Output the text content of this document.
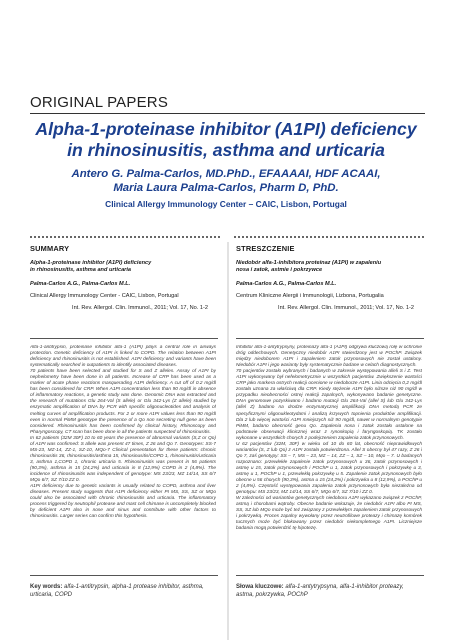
ORIGINAL PAPERS
Alpha-1-proteinase inhibitor (A1PI) deficiency
in rhinosinusitis, asthma and urticaria
Antero G. Palma-Carlos, MD.PhD., EFAAAAI, HDF ACAAI,
Maria Laura Palma-Carlos, Pharm D, PhD.
Clinical Allergy Immunology Center – CAIC, Lisbon, Portugal
SUMMARY
Alpha-1-proteinase inhibitor (A1PI) deficiency
in rhinosinusitis, asthma and urticaria
Palma-Carlos A.G., Palma-Carlos M.L.
Clinical Allergy Immunology Center - CAIC, Lisbon, Portugal
Int. Rev. Allergol. Clin. Immunol., 2011; Vol. 17, No. 1-2
STRESZCZENIE
Niedobór alfa-1-inhibitora proteinaz (A1PI) w zapaleniu
nosa i zatok, astmie i pokrzywce
Palma-Carlos A.G., Palma-Carlos M.L.
Centrum Kliniczne Alergii i Immunologii, Lizbona, Portugalia
Int. Rev. Allergol. Clin. Immunol., 2011; Vol. 17, No. 1-2

Alfa-1-antitrypsin, proteinase inhibitor alfa-1 (A1PI) plays a central role in airways protection. Genetic deficiency of A1PI is linked to COPD. The relation between A1PI deficiency and rhinosinusitis is not established. A1PI deficiency and variants have been systematically searched in outpatients to identify associated diseases.

70 patients have been selected and studied for S and Z alleles. Assay of A1PI by nephelometry have been done in all patients. Increase of CRP has been used as a marker of acute phase reactions masquerading A1PI deficiency. A cut off of 0.2 mg/dl has been considered for CRP. When A1PI concentration less than 90 mg/dl in absence of inflammatory reactions, a genetic study was done. Genomic DNA was extracted and the research of mutations Glu 264-Val (S allele) or Glu 342-Lys (Z allele) studied by enzymatic amplification of DNA by PCR with specific oligonucleotides and analysis of melting curves of amplification products. For 2 or more A1PI values less than 90 mg/dl even in normal PiMM genotype the presence of a Qo non secreting null gene as been considered. Rhinosinusitis has been confirmed by clinical history, Rhinoscopy and Pharyngoscopy, CT scan has been done in all the patients suspected of rhinosinusitis.

In 62 patients (32M 30F) 10 to 60 years the presence of abnormal variants (S,Z or Qo) of A1PI was confirmed: S allele was present 47 times, Z 26 and Qo 7. Genotypes: SS-7 MS-23, MZ-14, ZZ-1, SZ-10, MQo-7 Clinical presentation for these patients: chronic rhinosinusitis 36, rhinosinusitis/asthma 15, rhinosinusitis/COPD 1, rhinosinusitis/urticaria 3, asthma 1,COPD 1, chronic urticaria 5. Rhinosinusitis was present in 56 patients (90,3%), asthma in 15 (24,2%) and urticaria in 8 (12,9%) COPD in 2 (4,8%). The incidence of rhinosinusitis was independent of genotype: MS 23/23, MZ 14/14, SS 6/7 MQo 6/7, SZ 7/10 ZZ 0.

A1PI deficiency due to genetic variants is usually related to COPD, asthma and liver diseases. Present study suggests that A1PI deficiency either PI MS, SS, SZ or MQo could also be associated with chronic rhinosinusitis and urticaria. The inflammatory process triggered by neutrophil protease and mast cell chimase is uncompletely blocked by deficient A1PI also in nose and sinus and contribute with other factors to rhinosinusitis. Larger series can confirm this hypothesis.

Inhibitor alfa-1-antytrypsyny, proteinazy alfa-1 (A1PI) odgrywa kluczową rolę w ochronie dróg oddechowych. Genetyczny niedobór A1PI stwierdzony jest w POChP. Związek między niedoborem A1PI i zapaleniem zatok przynosowych nie został ustalony. Niedobór A1PI i jego warianty były systematycznie badane w celach diagnostycznych.

70 pacjentów zostało wybranych i badanych w zakresie występowania alleli S i Z. Test A1PI wykonywany był nefelometrycznie u wszystkich pacjentów. Zwiększenie wartości CRP jako markera ostrych reakcji ocenione w niedoborze A1PI. Linia odcięcia 0,2 mg/dl została uznana za właściwą dla CRP. Kiedy stężenie A1PI było niższe niż 90 mg/dl w przypadku nieobecności ostrej reakcji zapalnych, wykonywano badanie genetyczne. DNA genomowe pozyskiwano i badano mutacji Glu 264-Val (allel S) lub Glu 342-Lys (allel Z) badano na drodze enzymatycznej amplifikacji DNA metodą PCR ze specyficznymi oligonukleotydami i analizą krzywych topnienia produktów amplifikacji. Dla 2 lub więcej wartości A1PI mniejszych niż 90 mg/dl, nawet w normalnym genotypie PiMM, badano obecność genu Qo. Zapalenia nosa i zatok zostało ustalone na podstawie obserwacji klinicznej wraz z rynoskopią i faryngoskopią. TK zostało wykonane u wszystkich chorych z podejrzeniem zapalenia zatok przynosowych.

U 62 pacjentów (32M, 30F) w wieku od 10 do 60 lat, obecność nieprawidłowych wariantów (S, Z lub Qo) z A1PI została potwierdzona. Allel S obecny był 47 razy, Z 26 i Qo 7, zaś genotypy: SS – 7, MS – 23, MZ – 14, ZZ – 1, SZ – 10, Mqo – 7. U badanych rozpoznano: przewlekłe zapalenie zatok przynosowych u 36, zatok przynosowych i astmę u 15, zatok przynosowych i POChP u 1, zatok przynosowych i pokrzywkę u 3, astmę u 1, POChP u 1, przewlekłą pokrzywkę u 5. Zapalenie zatok przynosowych było obecne u 56 chorych (90,3%), astma u 15 (24,2%) i pokrzywka u 8 (12,9%), a POChP u 2 (4,8%). Częstość występowania zapalenia zatok przynosowych była niezależna od genotypu: MS 23/23, MZ 14/14, SS 6/7, MQo 6/7, SZ 7/10 i ZZ 0.

W zależności od wariantów genetycznych niedoboru A1PI wykazano związek z POChP, astmą i chorobami wątroby. Obecne badanie wskazuje, że niedobór A1PI albo PI MS, SS, SZ lub MQo może być też związany z przewlekłym zapaleniem zatok przynosowych i pokrzywką. Proces zapalny wywołany przez neutrofilowe proteazy i chimazę komórek tucznych może być blokowany przez niedobór niekompletnego A1PI. Liczniejsze badania mogą potwierdzić tę hipotezę.

Key words: alfa-1-antitrypsin, alpha-1 protease inhibitor, asthma, urticaria, COPD
Słowa kluczowe: alfa-1-antytrypsyna, alfa-1-inhibitor proteazy, astma, pokrzywka, POChP
